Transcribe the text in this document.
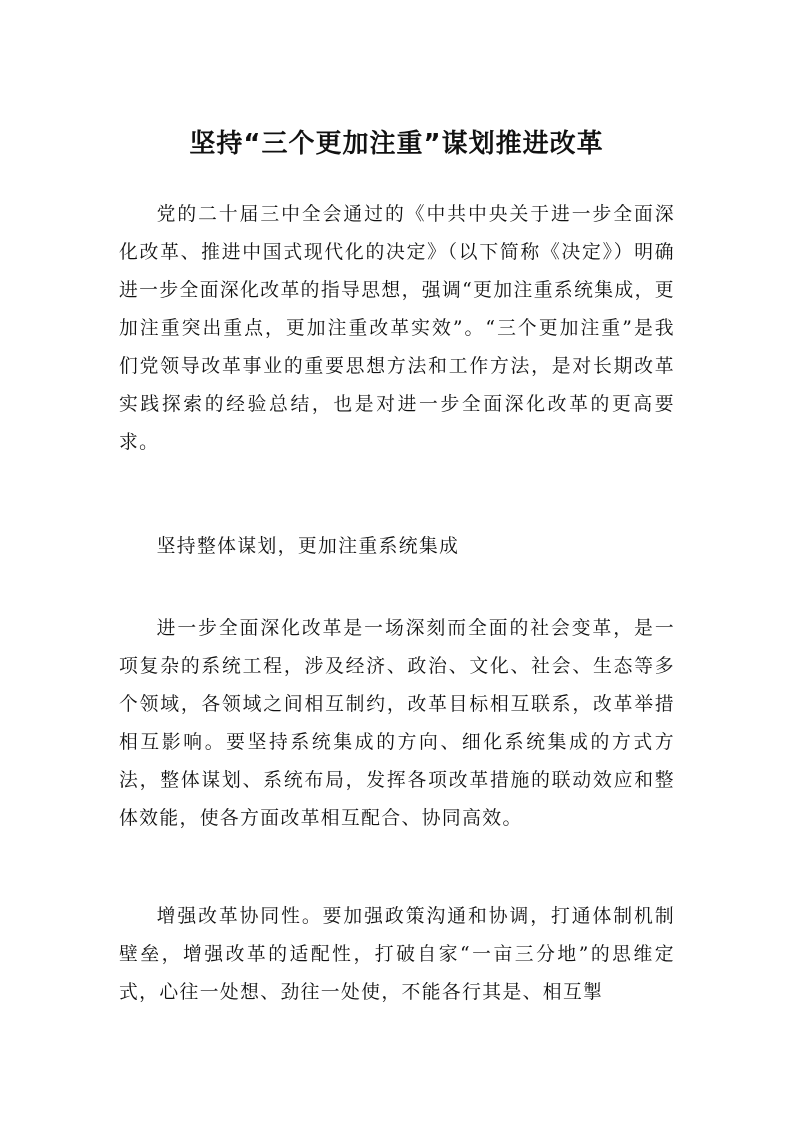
坚持“三个更加注重”谋划推进改革

党的二十届三中全会通过的《中共中央关于进一步全面深化改革、推进中国式现代化的决定》（以下简称《决定》）明确进一步全面深化改革的指导思想，强调“更加注重系统集成，更加注重突出重点，更加注重改革实效”。“三个更加注重”是我们党领导改革事业的重要思想方法和工作方法，是对长期改革实践探索的经验总结，也是对进一步全面深化改革的更高要求。

坚持整体谋划，更加注重系统集成

进一步全面深化改革是一场深刻而全面的社会变革，是一项复杂的系统工程，涉及经济、政治、文化、社会、生态等多个领域，各领域之间相互制约，改革目标相互联系，改革举措相互影响。要坚持系统集成的方向、细化系统集成的方式方法，整体谋划、系统布局，发挥各项改革措施的联动效应和整体效能，使各方面改革相互配合、协同高效。

增强改革协同性。要加强政策沟通和协调，打通体制机制壁垒，增强改革的适配性，打破自家“一亩三分地”的思维定式，心往一处想、劲往一处使，不能各行其是、相互掣
